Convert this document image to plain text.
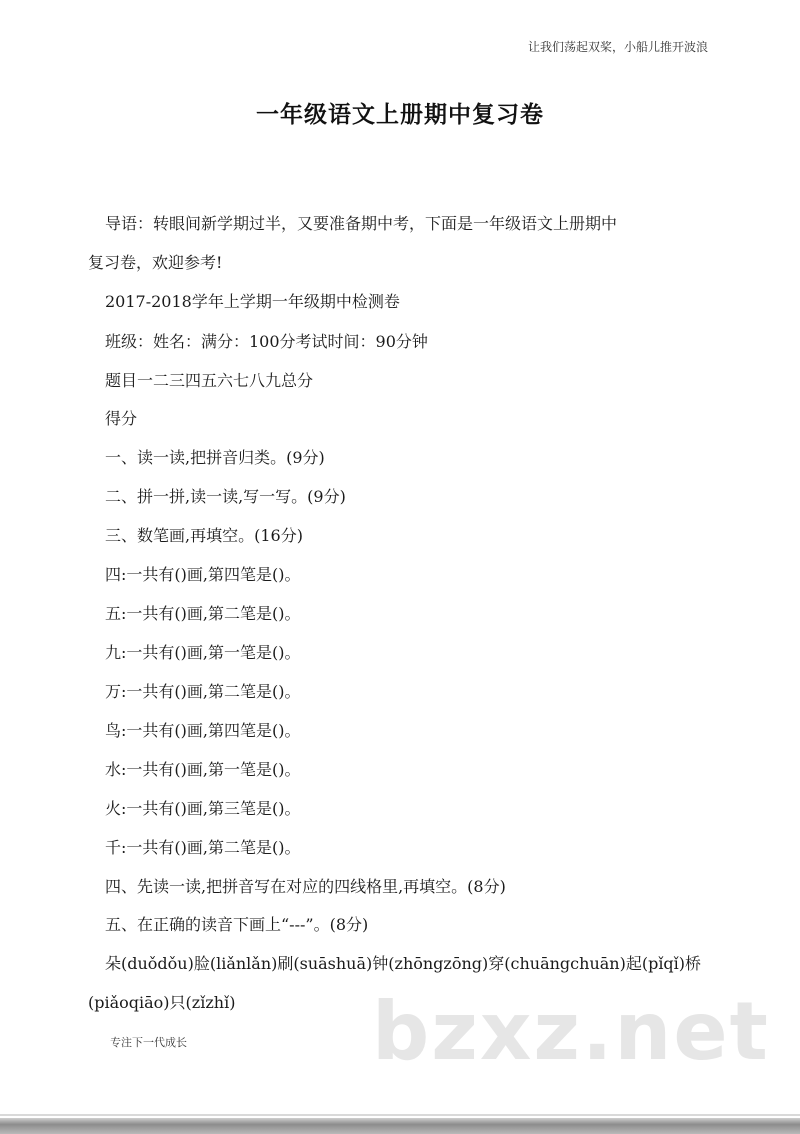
让我们荡起双桨，小船儿推开波浪
一年级语文上册期中复习卷
导语：转眼间新学期过半，又要准备期中考，下面是一年级语文上册期中
复习卷，欢迎参考!
2017-2018学年上学期一年级期中检测卷
班级：姓名：满分：100分考试时间：90分钟
题目一二三四五六七八九总分
得分
一、读一读,把拼音归类。(9分)
二、拼一拼,读一读,写一写。(9分)
三、数笔画,再填空。(16分)
四:一共有()画,第四笔是()。
五:一共有()画,第二笔是()。
九:一共有()画,第一笔是()。
万:一共有()画,第二笔是()。
鸟:一共有()画,第四笔是()。
水:一共有()画,第一笔是()。
火:一共有()画,第三笔是()。
千:一共有()画,第二笔是()。
四、先读一读,把拼音写在对应的四线格里,再填空。(8分)
五、在正确的读音下画上“---”。(8分)
朵(duǒdǒu)脸(liǎnlǎn)刷(suāshuā)钟(zhōngzōng)穿(chuāngchuān)起(pǐqǐ)桥
(piǎoqiāo)只(zǐzhǐ) bzxz.net
专注下一代成长
